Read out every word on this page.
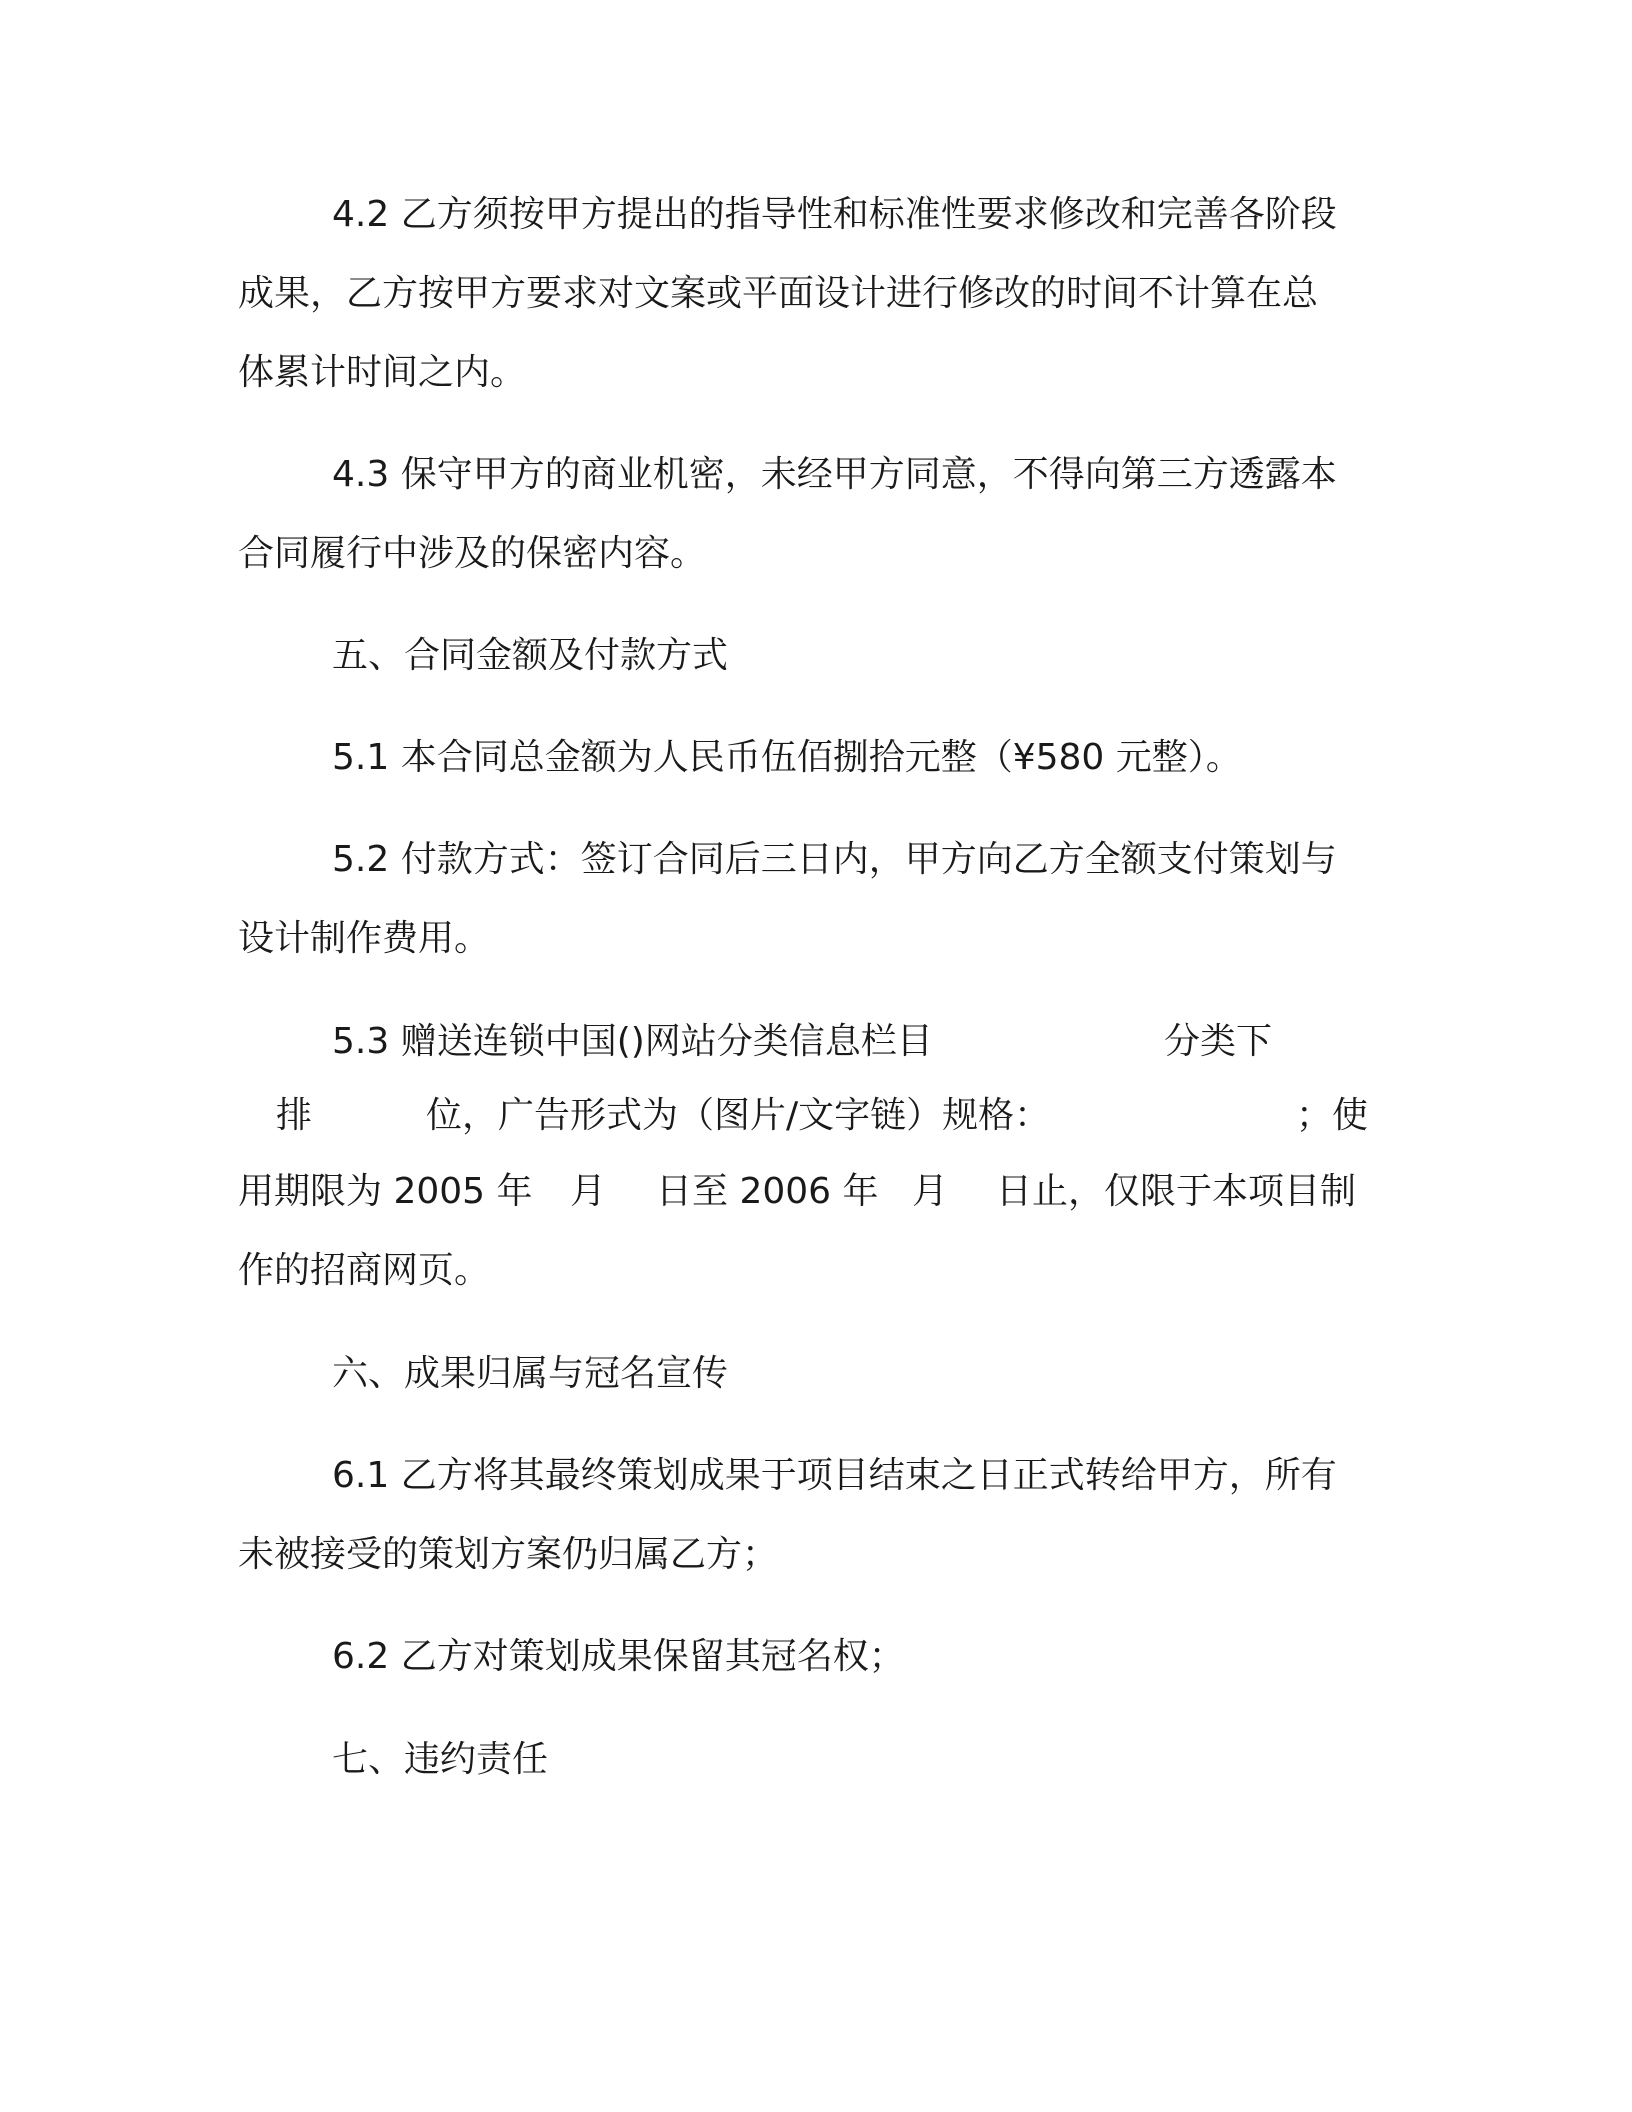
4.2 乙方须按甲方提出的指导性和标准性要求修改和完善各阶段
成果，乙方按甲方要求对文案或平面设计进行修改的时间不计算在总
体累计时间之内。
4.3 保守甲方的商业机密，未经甲方同意，不得向第三方透露本
合同履行中涉及的保密内容。
五、合同金额及付款方式
5.1 本合同总金额为人民币伍佰捌拾元整（¥580 元整）。
5.2 付款方式：签订合同后三日内，甲方向乙方全额支付策划与
设计制作费用。
5.3 赠送连锁中国()网站分类信息栏目	分类下
排	位，广告形式为（图片/文字链）规格：	；使
用期限为 2005 年 月 日至 2006 年 月 日止，仅限于本项目制
作的招商网页。
六、成果归属与冠名宣传
6.1 乙方将其最终策划成果于项目结束之日正式转给甲方，所有
未被接受的策划方案仍归属乙方；
6.2 乙方对策划成果保留其冠名权；
七、违约责任
